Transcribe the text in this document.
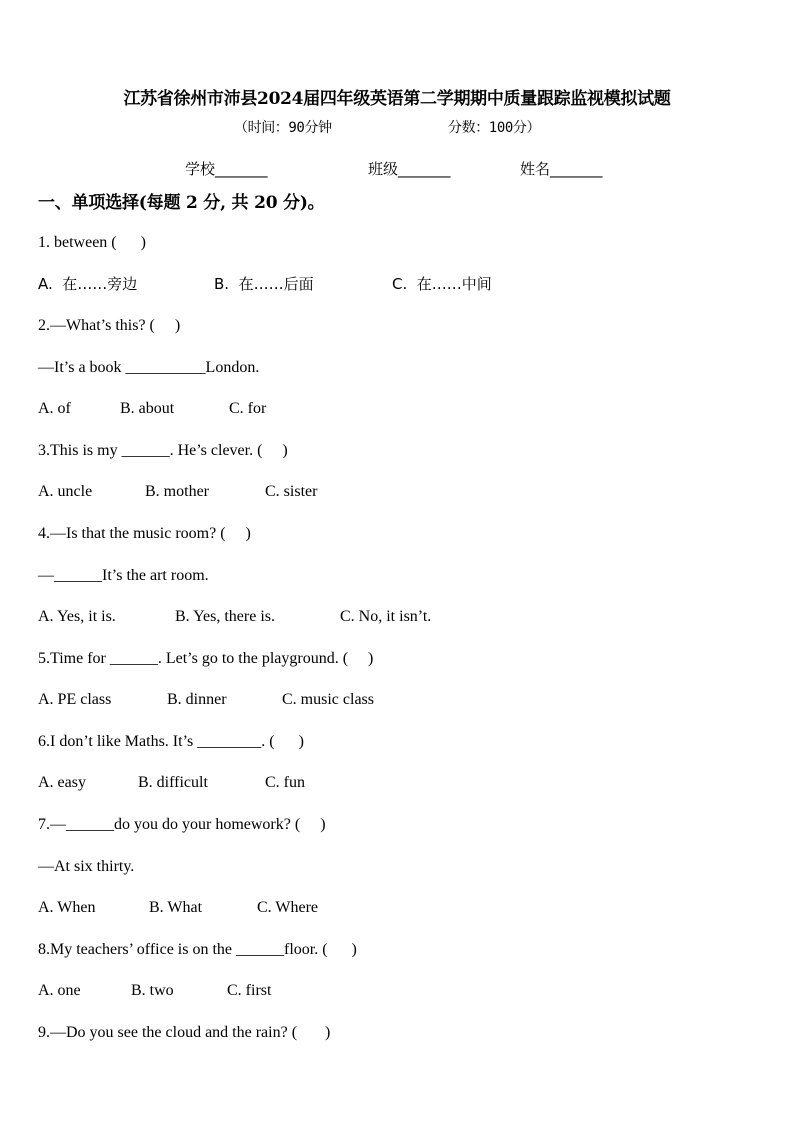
江苏省徐州市沛县2024届四年级英语第二学期期中质量跟踪监视模拟试题
（时间：90分钟	分数：100分）
学校_______	班级_______	姓名_______
一、单项选择(每题 2 分, 共 20 分)。
1. between (      )
A.  在……旁边	B.  在……后面	C.  在……中间
2.—What’s this? (     )
—It’s a book __________London.
A. of	B. about	C. for
3.This is my ______. He’s clever. (     )
A. uncle	B. mother	C. sister
4.—Is that the music room? (     )
—______It’s the art room.
A. Yes, it is.	B. Yes, there is.	C. No, it isn’t.
5.Time for ______. Let’s go to the playground. (     )
A. PE class	B. dinner	C. music class
6.I don’t like Maths. It’s ________. (      )
A. easy	B. difficult	C. fun
7.—______do you do your homework? (     )
—At six thirty.
A. When	B. What	C. Where
8.My teachers’ office is on the ______floor. (      )
A. one	B. two	C. first
9.—Do you see the cloud and the rain? (       )
